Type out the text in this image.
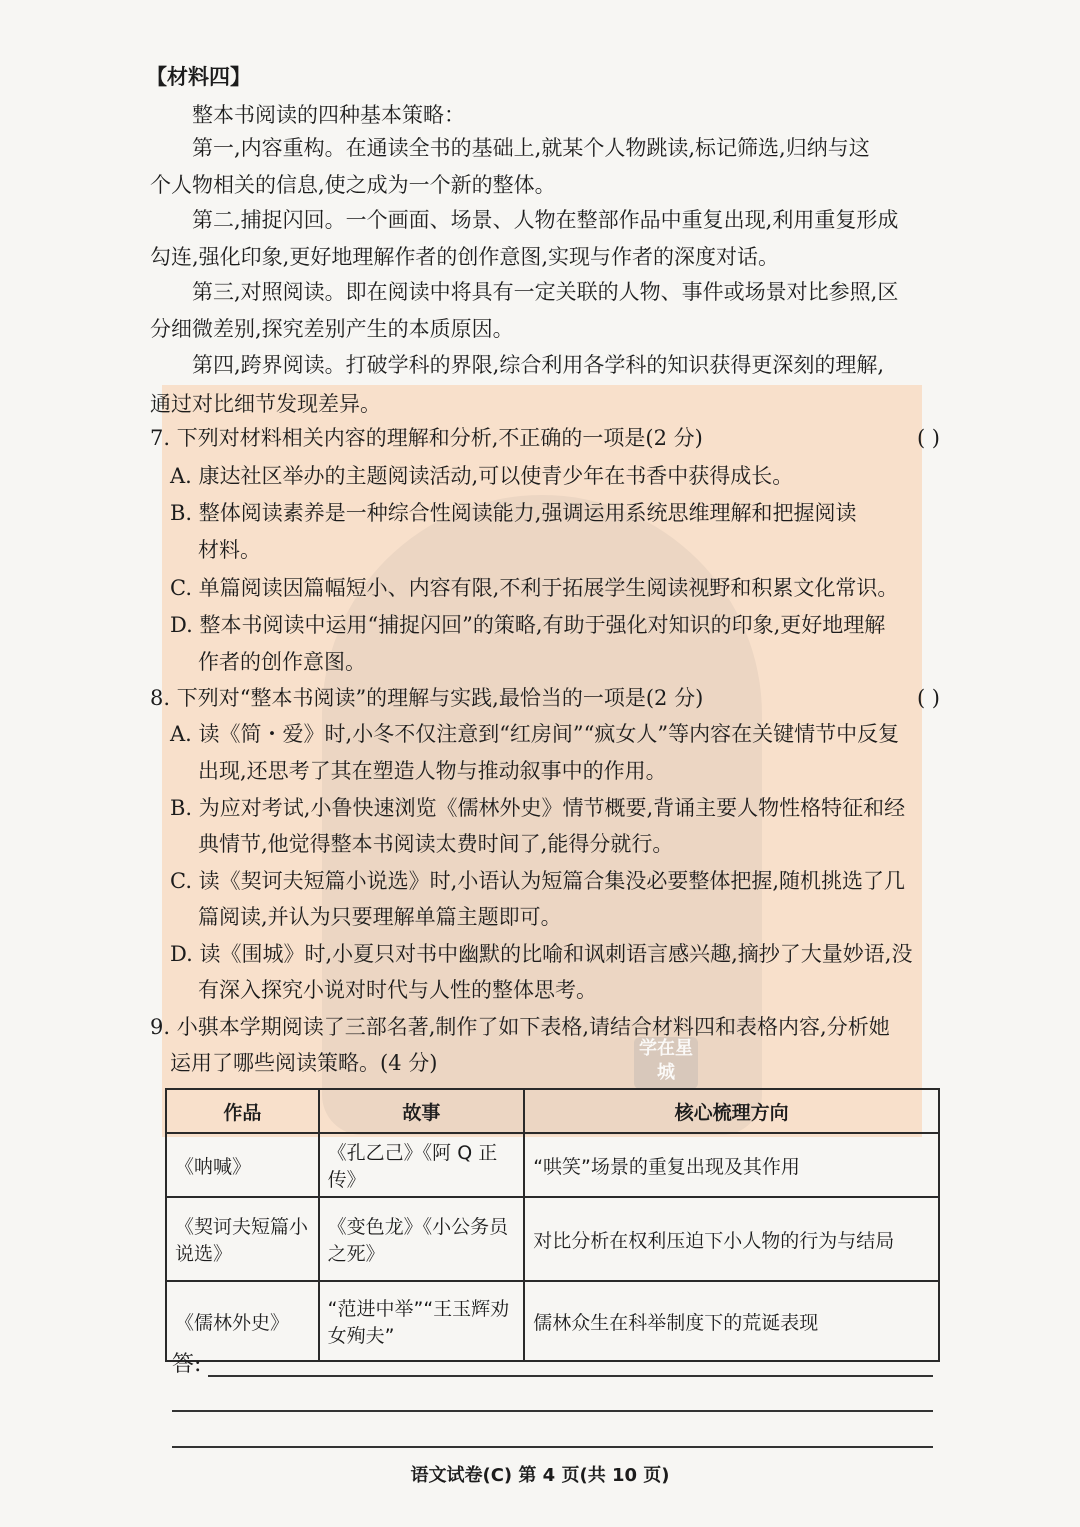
学在星城
【材料四】
整本书阅读的四种基本策略：
第一,内容重构。在通读全书的基础上,就某个人物跳读,标记筛选,归纳与这
个人物相关的信息,使之成为一个新的整体。
第二,捕捉闪回。一个画面、场景、人物在整部作品中重复出现,利用重复形成
勾连,强化印象,更好地理解作者的创作意图,实现与作者的深度对话。
第三,对照阅读。即在阅读中将具有一定关联的人物、事件或场景对比参照,区
分细微差别,探究差别产生的本质原因。
第四,跨界阅读。打破学科的界限,综合利用各学科的知识获得更深刻的理解,
通过对比细节发现差异。
7. 下列对材料相关内容的理解和分析,不正确的一项是(2 分)	( )
A. 康达社区举办的主题阅读活动,可以使青少年在书香中获得成长。
B. 整体阅读素养是一种综合性阅读能力,强调运用系统思维理解和把握阅读
材料。
C. 单篇阅读因篇幅短小、内容有限,不利于拓展学生阅读视野和积累文化常识。
D. 整本书阅读中运用“捕捉闪回”的策略,有助于强化对知识的印象,更好地理解
作者的创作意图。
8. 下列对“整本书阅读”的理解与实践,最恰当的一项是(2 分)	( )
A. 读《简・爱》时,小冬不仅注意到“红房间”“疯女人”等内容在关键情节中反复
出现,还思考了其在塑造人物与推动叙事中的作用。
B. 为应对考试,小鲁快速浏览《儒林外史》情节概要,背诵主要人物性格特征和经
典情节,他觉得整本书阅读太费时间了,能得分就行。
C. 读《契诃夫短篇小说选》时,小语认为短篇合集没必要整体把握,随机挑选了几
篇阅读,并认为只要理解单篇主题即可。
D. 读《围城》时,小夏只对书中幽默的比喻和讽刺语言感兴趣,摘抄了大量妙语,没
有深入探究小说对时代与人性的整体思考。
9. 小骐本学期阅读了三部名著,制作了如下表格,请结合材料四和表格内容,分析她
运用了哪些阅读策略。(4 分)
作品	故事	核心梳理方向
《呐喊》	《孔乙己》《阿 Q 正传》	“哄笑”场景的重复出现及其作用
《契诃夫短篇小说选》	《变色龙》《小公务员之死》	对比分析在权利压迫下小人物的行为与结局
《儒林外史》	“范进中举”“王玉辉劝女殉夫”	儒林众生在科举制度下的荒诞表现
答:
语文试卷(C) 第 4 页(共 10 页)
